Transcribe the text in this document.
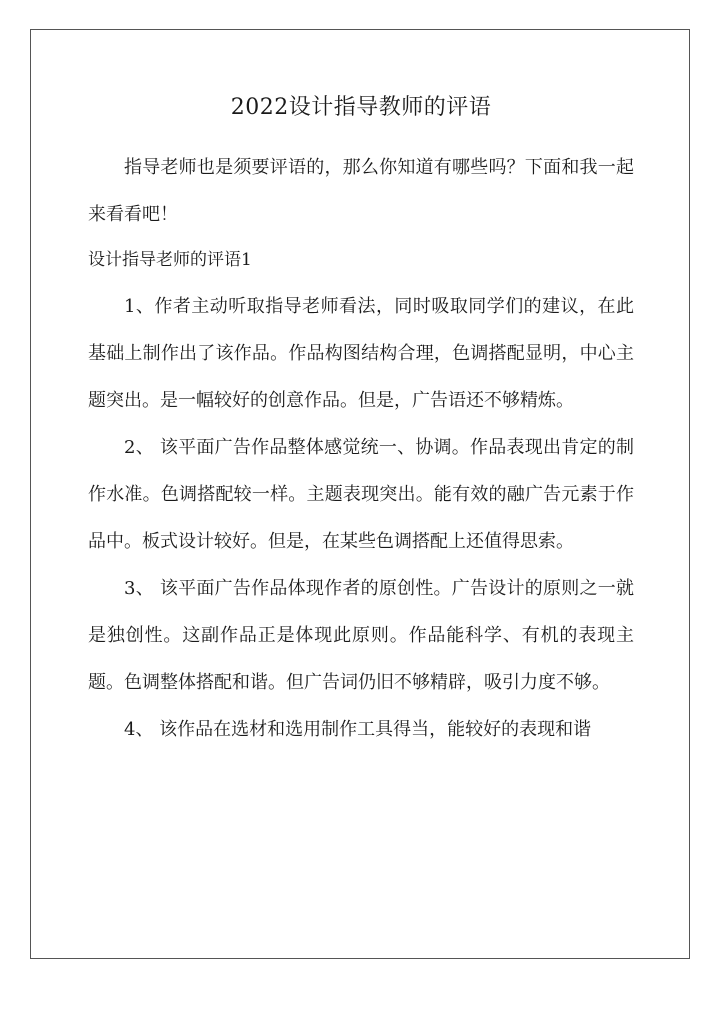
2022设计指导教师的评语

指导老师也是须要评语的，那么你知道有哪些吗？下面和我一起来看看吧！

设计指导老师的评语1

1、作者主动听取指导老师看法，同时吸取同学们的建议，在此基础上制作出了该作品。作品构图结构合理，色调搭配显明，中心主题突出。是一幅较好的创意作品。但是，广告语还不够精炼。

2、 该平面广告作品整体感觉统一、协调。作品表现出肯定的制作水准。色调搭配较一样。主题表现突出。能有效的融广告元素于作品中。板式设计较好。但是，在某些色调搭配上还值得思索。

3、 该平面广告作品体现作者的原创性。广告设计的原则之一就是独创性。这副作品正是体现此原则。作品能科学、有机的表现主题。色调整体搭配和谐。但广告词仍旧不够精辟，吸引力度不够。

4、 该作品在选材和选用制作工具得当，能较好的表现和谐
